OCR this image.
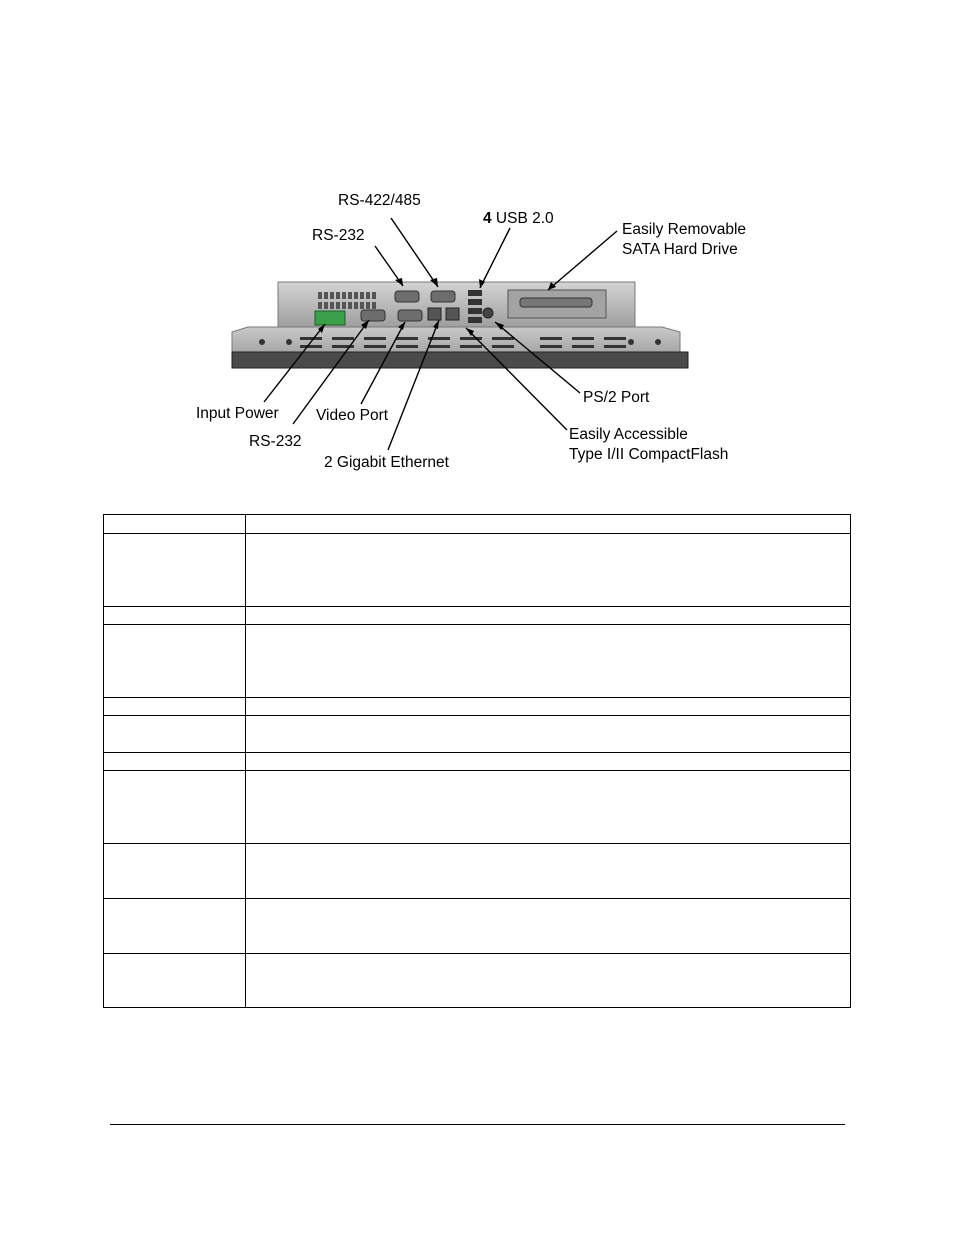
RS-422/485
4 USB 2.0
RS-232	Easily Removable
SATA Hard Drive
Input Power Video Port
RS-232
2 Gigabit Ethernet
PS/2 Port
Easily Accessible
Type I/II CompactFlash
